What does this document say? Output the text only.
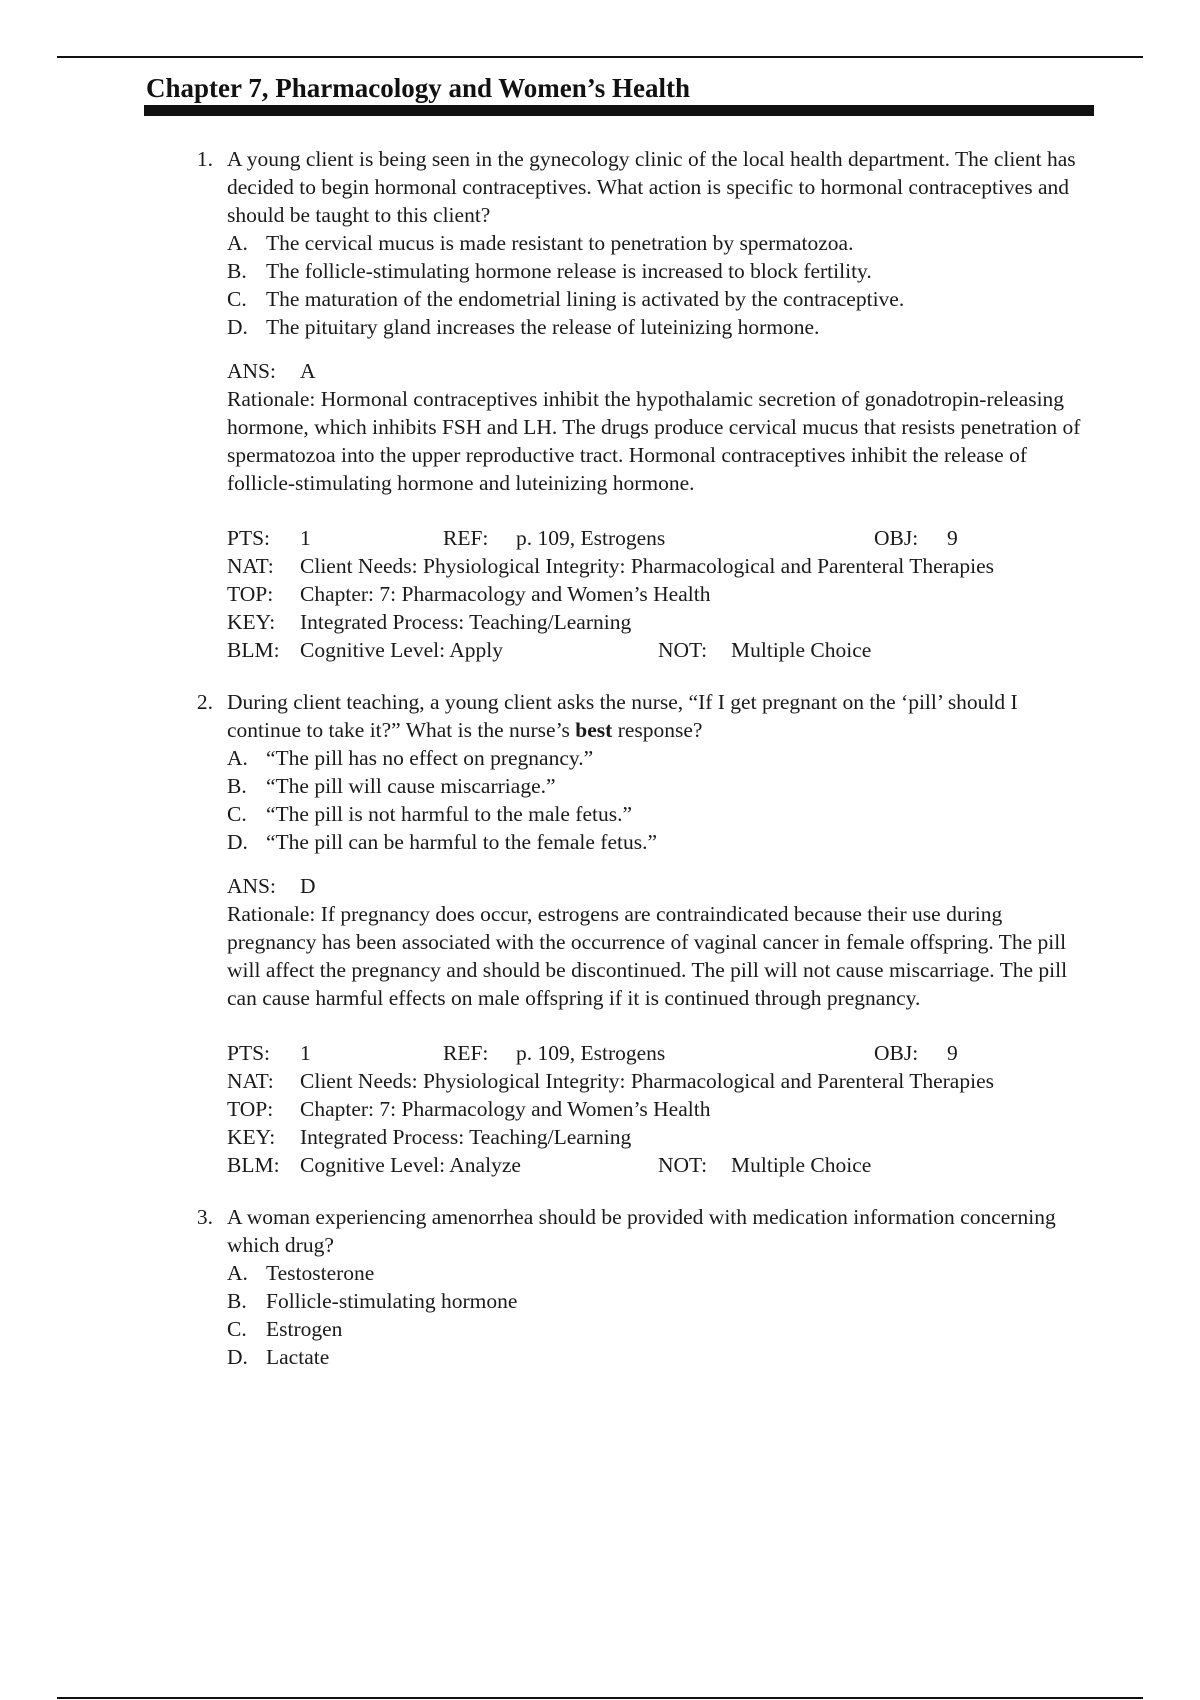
Chapter 7, Pharmacology and Women’s Health
1. A young client is being seen in the gynecology clinic of the local health department. The client has decided to begin hormonal contraceptives. What action is specific to hormonal contraceptives and should be taught to this client?

A. The cervical mucus is made resistant to penetration by spermatozoa.
B. The follicle-stimulating hormone release is increased to block fertility.
C. The maturation of the endometrial lining is activated by the contraceptive.
D. The pituitary gland increases the release of luteinizing hormone.
ANS:	A

Rationale: Hormonal contraceptives inhibit the hypothalamic secretion of gonadotropin-releasing hormone, which inhibits FSH and LH. The drugs produce cervical mucus that resists penetration of spermatozoa into the upper reproductive tract. Hormonal contraceptives inhibit the release of follicle-stimulating hormone and luteinizing hormone.

PTS:	1	REF:	p. 109, Estrogens	OBJ:	9
NAT:	Client Needs: Physiological Integrity: Pharmacological and Parenteral Therapies
TOP:	Chapter: 7: Pharmacology and Women’s Health
KEY:	Integrated Process: Teaching/Learning
BLM: Cognitive Level: Apply	NOT:	Multiple Choice
2. During client teaching, a young client asks the nurse, “If I get pregnant on the ‘pill’ should I continue to take it?” What is the nurse’s best response?

A. “The pill has no effect on pregnancy.”
B. “The pill will cause miscarriage.”
C. “The pill is not harmful to the male fetus.”
D. “The pill can be harmful to the female fetus.”
ANS:	D

Rationale: If pregnancy does occur, estrogens are contraindicated because their use during pregnancy has been associated with the occurrence of vaginal cancer in female offspring. The pill will affect the pregnancy and should be discontinued. The pill will not cause miscarriage. The pill can cause harmful effects on male offspring if it is continued through pregnancy.

PTS:	1	REF:	p. 109, Estrogens	OBJ:	9
NAT:	Client Needs: Physiological Integrity: Pharmacological and Parenteral Therapies
TOP:	Chapter: 7: Pharmacology and Women’s Health
KEY:	Integrated Process: Teaching/Learning
BLM: Cognitive Level: Analyze	NOT:	Multiple Choice
3. A woman experiencing amenorrhea should be provided with medication information concerning which drug?

A. Testosterone
B. Follicle-stimulating hormone
C. Estrogen
D. Lactate
